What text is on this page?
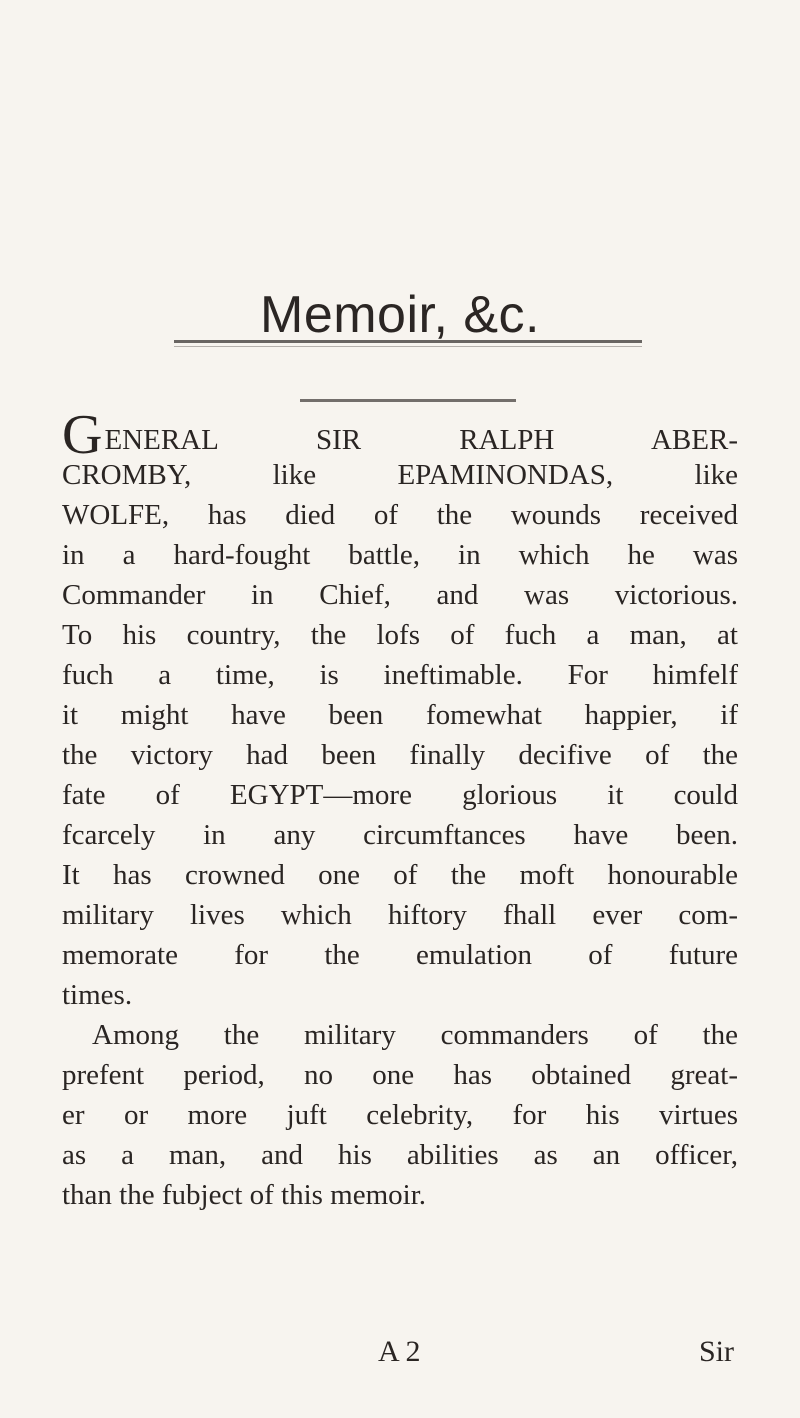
Memoir, &c.
GENERAL SIR RALPH ABER-
CROMBY, like EPAMINONDAS, like
WOLFE, has died of the wounds received
in a hard-fought battle, in which he was
Commander in Chief, and was victorious.
To his country, the lofs of fuch a man, at
fuch a time, is ineftimable. For himfelf
it might have been fomewhat happier, if
the victory had been finally decifive of the
fate of EGYPT—more glorious it could
fcarcely in any circumftances have been.
It has crowned one of the moft honourable
military lives which hiftory fhall ever com-
memorate for the emulation of future
times.
Among the military commanders of the
prefent period, no one has obtained great-
er or more juft celebrity, for his virtues
as a man, and his abilities as an officer,
than the fubject of this memoir.
A 2	Sir
